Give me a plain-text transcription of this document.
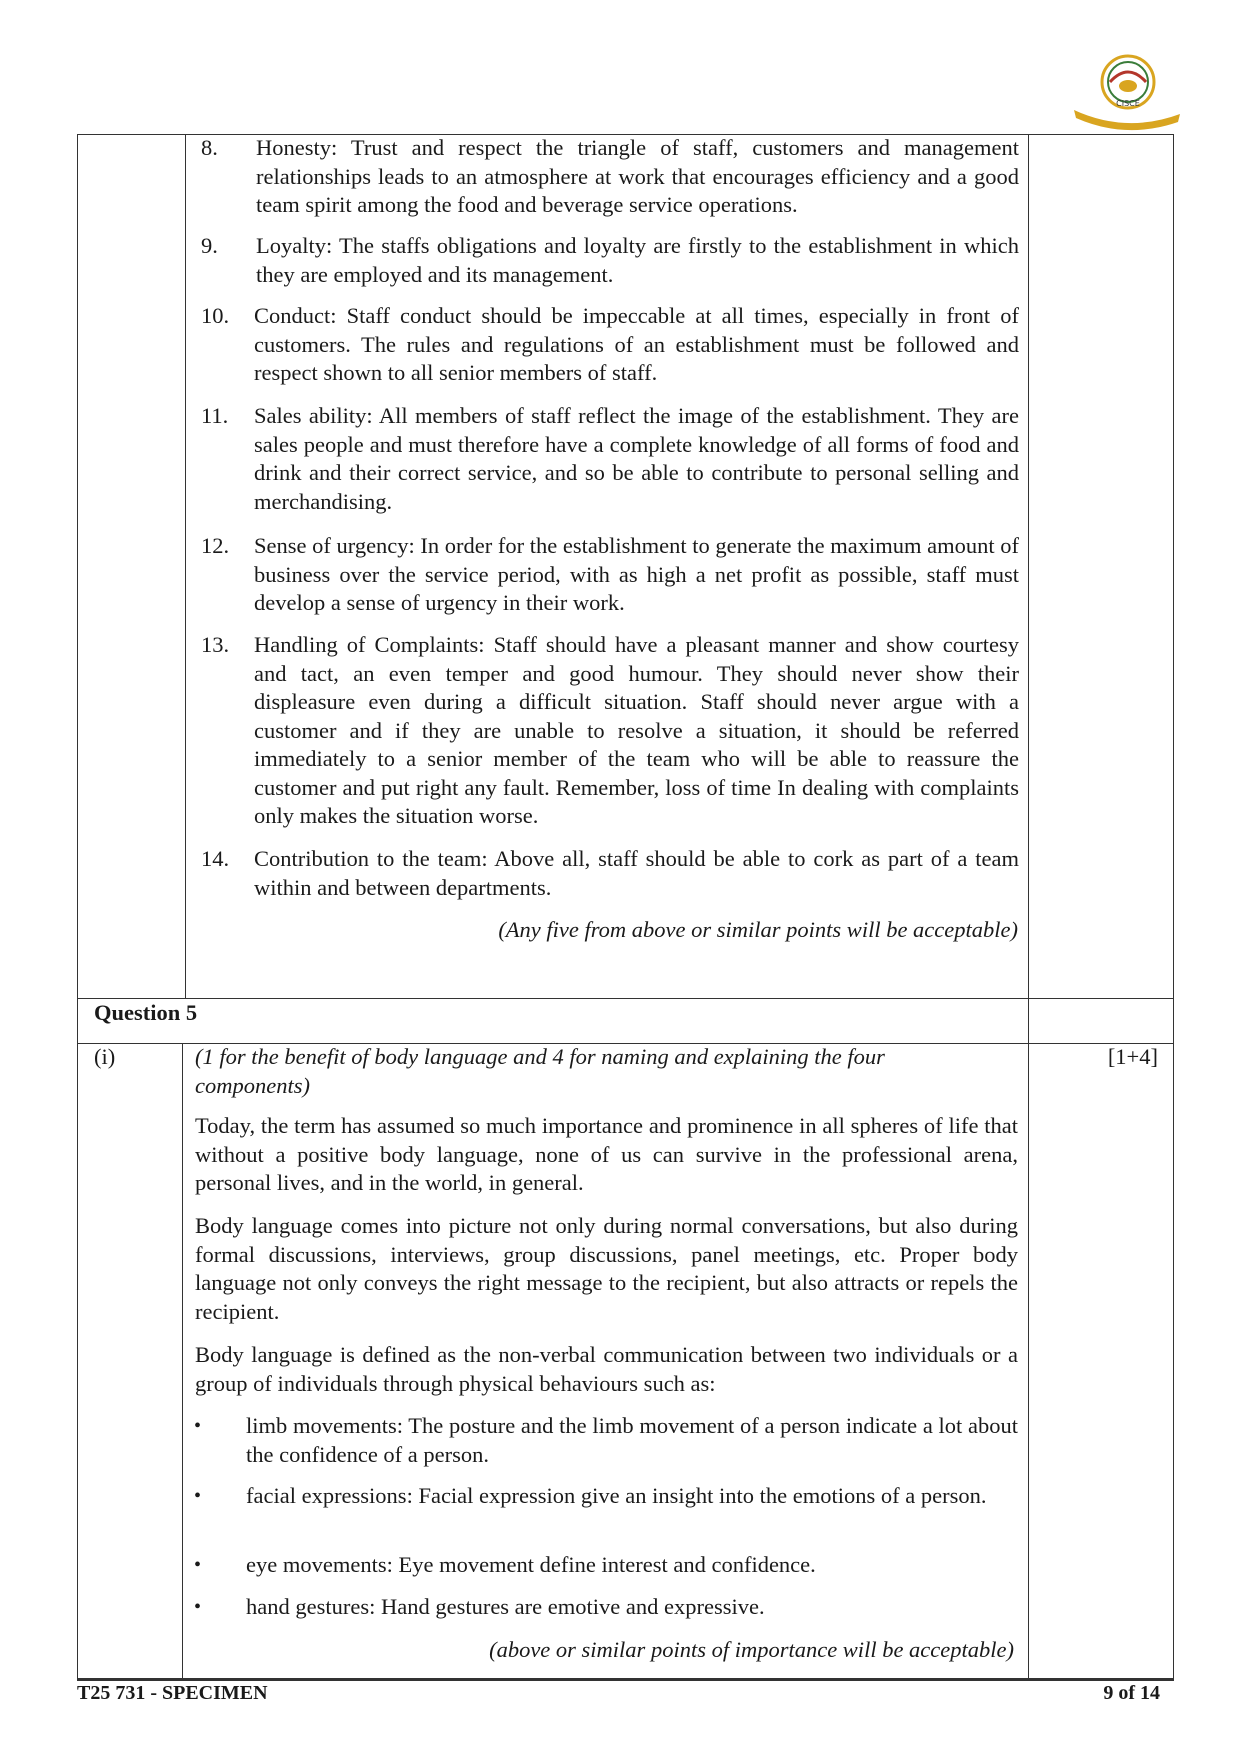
CISCE
8. Honesty: Trust and respect the triangle of staff, customers and management relationships leads to an atmosphere at work that encourages efficiency and a good team spirit among the food and beverage service operations.
9. Loyalty: The staffs obligations and loyalty are firstly to the establishment in which they are employed and its management.
10. Conduct: Staff conduct should be impeccable at all times, especially in front of customers. The rules and regulations of an establishment must be followed and respect shown to all senior members of staff.
11. Sales ability: All members of staff reflect the image of the establishment. They are sales people and must therefore have a complete knowledge of all forms of food and drink and their correct service, and so be able to contribute to personal selling and merchandising.
12. Sense of urgency: In order for the establishment to generate the maximum amount of business over the service period, with as high a net profit as possible, staff must develop a sense of urgency in their work.
13. Handling of Complaints: Staff should have a pleasant manner and show courtesy and tact, an even temper and good humour. They should never show their displeasure even during a difficult situation. Staff should never argue with a customer and if they are unable to resolve a situation, it should be referred immediately to a senior member of the team who will be able to reassure the customer and put right any fault. Remember, loss of time In dealing with complaints only makes the situation worse.
14. Contribution to the team: Above all, staff should be able to cork as part of a team within and between departments.
(Any five from above or similar points will be acceptable)
Question 5
(i)	[1+4]
(1 for the benefit of body language and 4 for naming and explaining the four components)
Today, the term has assumed so much importance and prominence in all spheres of life that without a positive body language, none of us can survive in the professional arena, personal lives, and in the world, in general.
Body language comes into picture not only during normal conversations, but also during formal discussions, interviews, group discussions, panel meetings, etc. Proper body language not only conveys the right message to the recipient, but also attracts or repels the recipient.
Body language is defined as the non-verbal communication between two individuals or a group of individuals through physical behaviours such as:
• limb movements: The posture and the limb movement of a person indicate a lot about the confidence of a person.
• facial expressions: Facial expression give an insight into the emotions of a person.
• eye movements: Eye movement define interest and confidence.
• hand gestures: Hand gestures are emotive and expressive.
(above or similar points of importance will be acceptable)
T25 731 - SPECIMEN	9 of 14
